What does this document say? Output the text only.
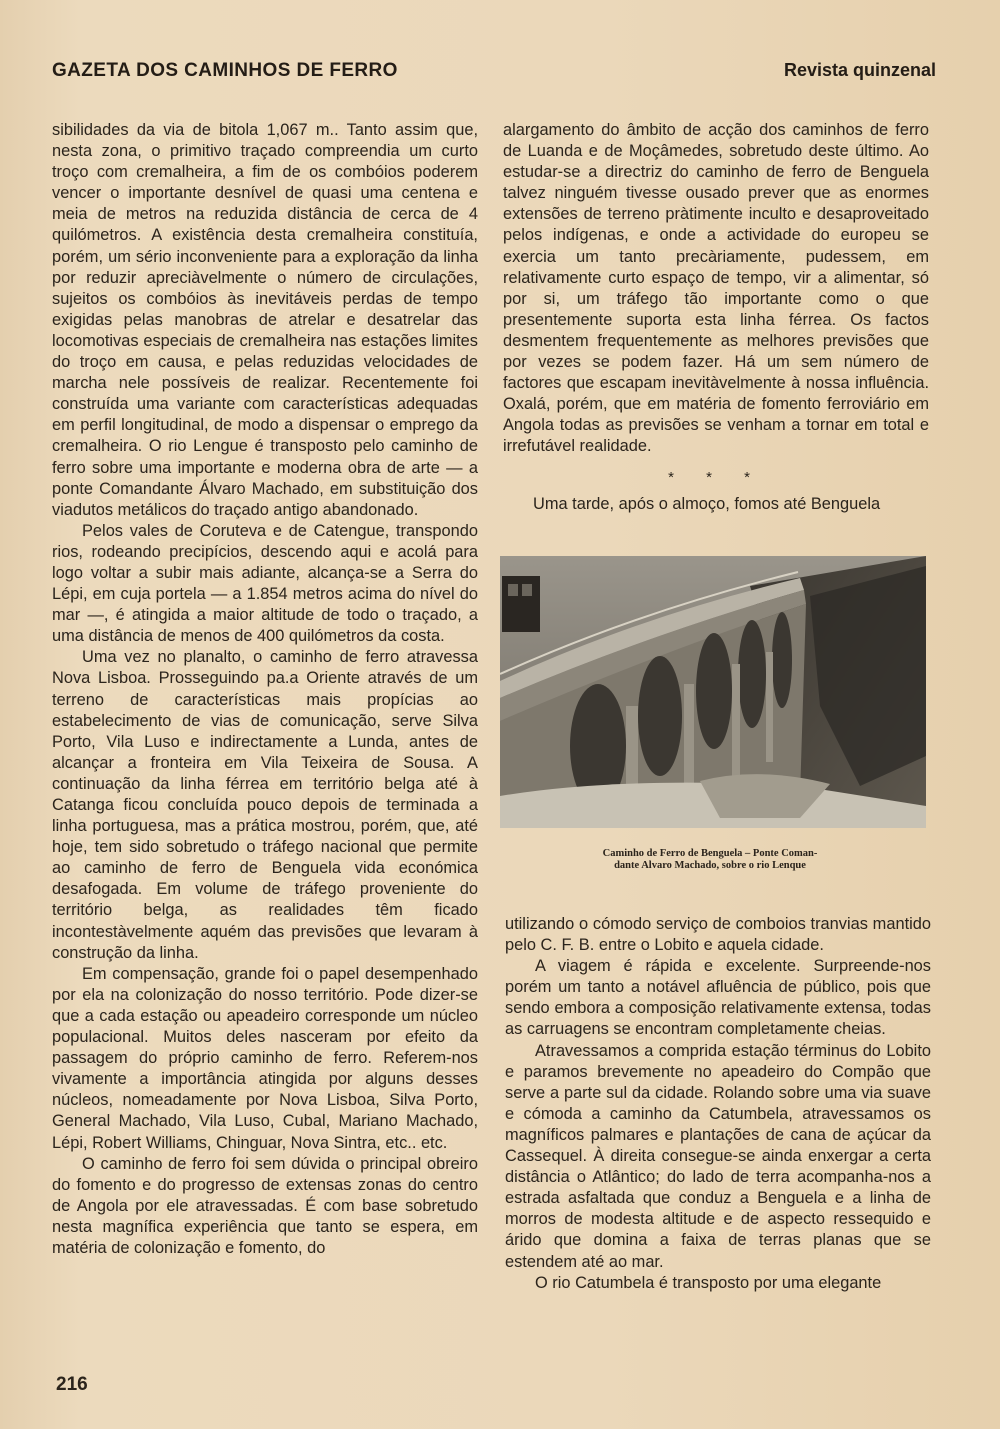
GAZETA DOS CAMINHOS DE FERRO	Revista quinzenal

sibilidades da via de bitola 1,067 m.. Tanto assim que, nesta zona, o primitivo traçado compreendia um curto troço com cremalheira, a fim de os combóios poderem vencer o importante desnível de quasi uma centena e meia de metros na reduzida distância de cerca de 4 quilómetros. A existência desta cremalheira constituía, porém, um sério inconveniente para a exploração da linha por reduzir apreciàvelmente o número de circulações, sujeitos os combóios às inevitáveis perdas de tempo exigidas pelas manobras de atrelar e desatrelar das locomotivas especiais de cremalheira nas estações limites do troço em causa, e pelas reduzidas velocidades de marcha nele possíveis de realizar. Recentemente foi construída uma variante com características adequadas em perfil longitudinal, de modo a dispensar o emprego da cremalheira. O rio Lengue é transposto pelo caminho de ferro sobre uma importante e moderna obra de arte — a ponte Comandante Álvaro Machado, em substituição dos viadutos metálicos do traçado antigo abandonado.

Pelos vales de Coruteva e de Catengue, transpondo rios, rodeando precipícios, descendo aqui e acolá para logo voltar a subir mais adiante, alcança-se a Serra do Lépi, em cuja portela — a 1.854 metros acima do nível do mar —, é atingida a maior altitude de todo o traçado, a uma distância de menos de 400 quilómetros da costa.

Uma vez no planalto, o caminho de ferro atravessa Nova Lisboa. Prosseguindo pa.a Oriente através de um terreno de características mais propícias ao estabelecimento de vias de comunicação, serve Silva Porto, Vila Luso e indirectamente a Lunda, antes de alcançar a fronteira em Vila Teixeira de Sousa. A continuação da linha férrea em território belga até à Catanga ficou concluída pouco depois de terminada a linha portuguesa, mas a prática mostrou, porém, que, até hoje, tem sido sobretudo o tráfego nacional que permite ao caminho de ferro de Benguela vida económica desafogada. Em volume de tráfego proveniente do território belga, as realidades têm ficado incontestàvelmente aquém das previsões que levaram à construção da linha.

Em compensação, grande foi o papel desempenhado por ela na colonização do nosso território. Pode dizer-se que a cada estação ou apeadeiro corresponde um núcleo populacional. Muitos deles nasceram por efeito da passagem do próprio caminho de ferro. Referem-nos vivamente a importância atingida por alguns desses núcleos, nomeadamente por Nova Lisboa, Silva Porto, General Machado, Vila Luso, Cubal, Mariano Machado, Lépi, Robert Williams, Chinguar, Nova Sintra, etc.. etc.

O caminho de ferro foi sem dúvida o principal obreiro do fomento e do progresso de extensas zonas do centro de Angola por ele atravessadas. É com base sobretudo nesta magnífica experiência que tanto se espera, em matéria de colonização e fomento, do

alargamento do âmbito de acção dos caminhos de ferro de Luanda e de Moçâmedes, sobretudo deste último. Ao estudar-se a directriz do caminho de ferro de Benguela talvez ninguém tivesse ousado prever que as enormes extensões de terreno pràtimente inculto e desaproveitado pelos indígenas, e onde a actividade do europeu se exercia um tanto precàriamente, pudessem, em relativamente curto espaço de tempo, vir a alimentar, só por si, um tráfego tão importante como o que presentemente suporta esta linha férrea. Os factos desmentem frequentemente as melhores previsões que por vezes se podem fazer. Há um sem número de factores que escapam inevitàvelmente à nossa influência. Oxalá, porém, que em matéria de fomento ferroviário em Angola todas as previsões se venham a tornar em total e irrefutável realidade.

* * *

Uma tarde, após o almoço, fomos até Benguela

Caminho de Ferro de Benguela – Ponte Coman-
dante Alvaro Machado, sobre o rio Lenque

utilizando o cómodo serviço de comboios tranvias mantido pelo C. F. B. entre o Lobito e aquela cidade.

A viagem é rápida e excelente. Surpreende-nos porém um tanto a notável afluência de público, pois que sendo embora a composição relativamente extensa, todas as carruagens se encontram completamente cheias.

Atravessamos a comprida estação términus do Lobito e paramos brevemente no apeadeiro do Compão que serve a parte sul da cidade. Rolando sobre uma via suave e cómoda a caminho da Catumbela, atravessamos os magníficos palmares e plantações de cana de açúcar da Cassequel. À direita consegue-se ainda enxergar a certa distância o Atlântico; do lado de terra acompanha-nos a estrada asfaltada que conduz a Benguela e a linha de morros de modesta altitude e de aspecto ressequido e árido que domina a faixa de terras planas que se estendem até ao mar.

O rio Catumbela é transposto por uma elegante

216
